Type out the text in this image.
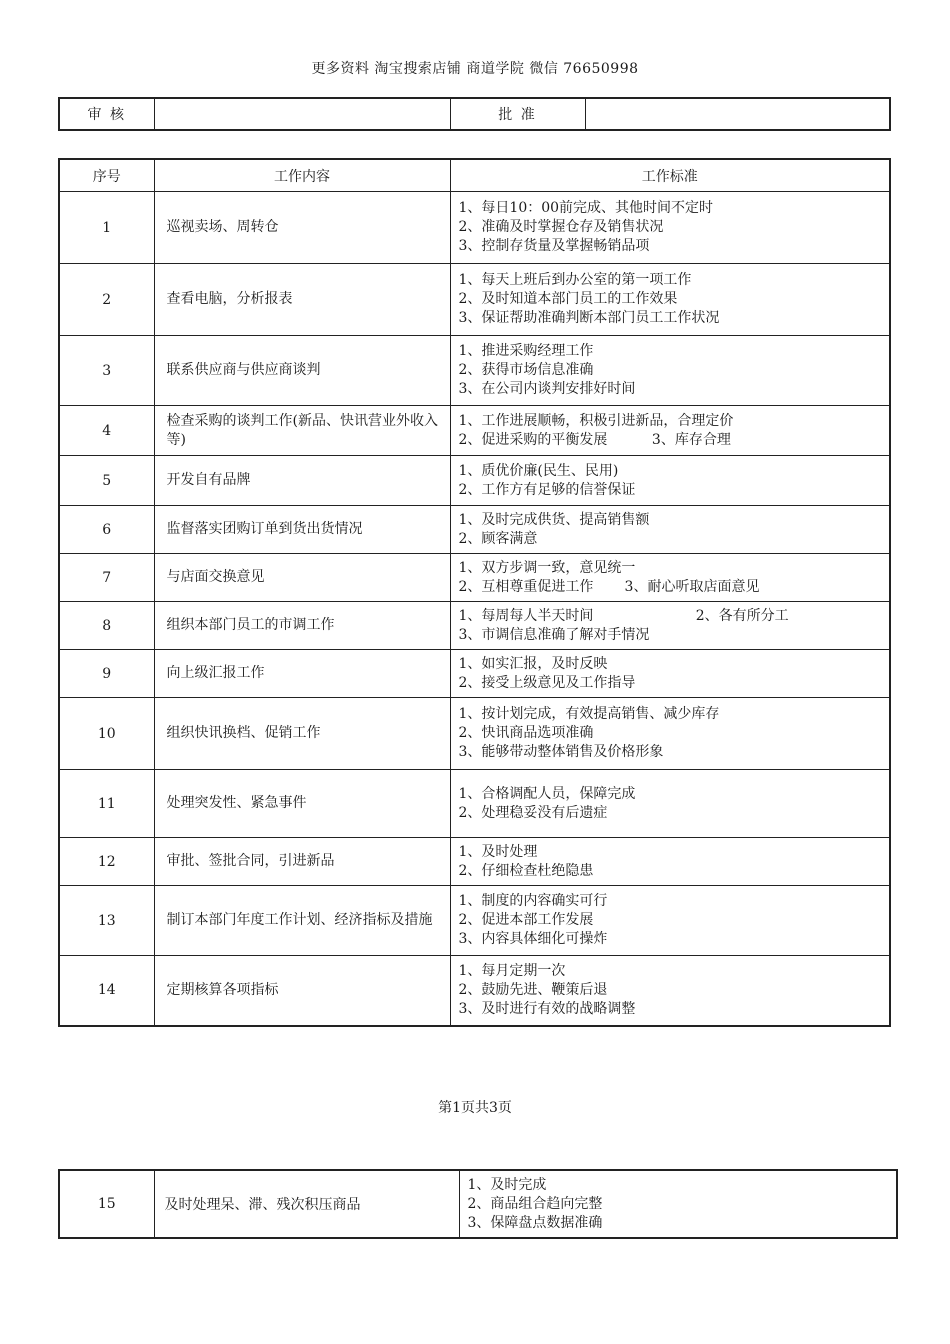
更多资料 淘宝搜索店铺 商道学院 微信 76650998
审 核		批 准	
序号	工作内容	工作标准
1	巡视卖场、周转仓	1、每日10：00前完成、其他时间不定时
2、准确及时掌握仓存及销售状况
3、控制存货量及掌握畅销品项

2	查看电脑，分析报表	1、每天上班后到办公室的第一项工作
2、及时知道本部门员工的工作效果
3、保证帮助准确判断本部门员工工作状况

3	联系供应商与供应商谈判	1、推进采购经理工作
2、获得市场信息准确
3、在公司内谈判安排好时间

4	检查采购的谈判工作(新品、快讯营业外收入等)	1、工作进展顺畅，积极引进新品，合理定价
2、促进采购的平衡发展          3、库存合理

5	开发自有品牌	1、质优价廉(民生、民用)
2、工作方有足够的信誉保证

6	监督落实团购订单到货出货情况	1、及时完成供货、提高销售额
2、顾客满意

7	与店面交换意见	1、双方步调一致，意见统一
2、互相尊重促进工作       3、耐心听取店面意见

8	组织本部门员工的市调工作	1、每周每人半天时间                       2、各有所分工
3、市调信息准确了解对手情况

9	向上级汇报工作	1、如实汇报，及时反映
2、接受上级意见及工作指导

10	组织快讯换档、促销工作	1、按计划完成，有效提高销售、减少库存
2、快讯商品选项准确
3、能够带动整体销售及价格形象

11	处理突发性、紧急事件	1、合格调配人员，保障完成
2、处理稳妥没有后遗症

12	审批、签批合同，引进新品	1、及时处理
2、仔细检查杜绝隐患

13	制订本部门年度工作计划、经济指标及措施	1、制度的内容确实可行
2、促进本部工作发展
3、内容具体细化可操炸

14	定期核算各项指标	1、每月定期一次
2、鼓励先进、鞭策后退
3、及时进行有效的战略调整
第1页共3页
15	及时处理呆、滞、残次积压商品	
1、及时完成
2、商品组合趋向完整
3、保障盘点数据准确
